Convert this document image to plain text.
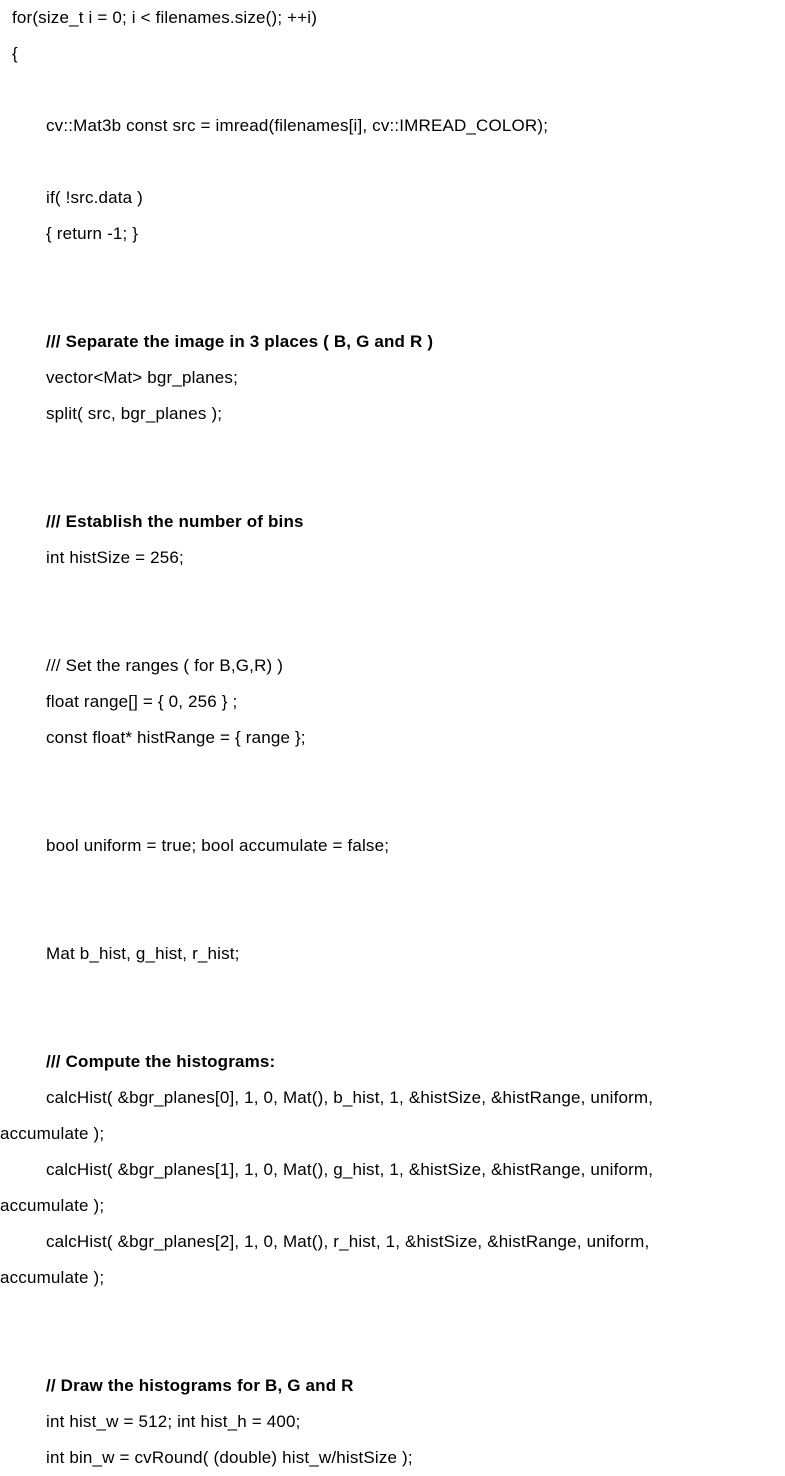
for(size_t i = 0; i < filenames.size(); ++i)
{

cv::Mat3b const src = imread(filenames[i], cv::IMREAD_COLOR);

if( !src.data )
{ return -1; }

/// Separate the image in 3 places ( B, G and R )
vector<Mat> bgr_planes;
split( src, bgr_planes );

/// Establish the number of bins
int histSize = 256;

/// Set the ranges ( for B,G,R) )
float range[] = { 0, 256 } ;
const float* histRange = { range };

bool uniform = true; bool accumulate = false;

Mat b_hist, g_hist, r_hist;

/// Compute the histograms:
calcHist( &bgr_planes[0], 1, 0, Mat(), b_hist, 1, &histSize, &histRange, uniform,
accumulate );
calcHist( &bgr_planes[1], 1, 0, Mat(), g_hist, 1, &histSize, &histRange, uniform,
accumulate );
calcHist( &bgr_planes[2], 1, 0, Mat(), r_hist, 1, &histSize, &histRange, uniform,
accumulate );

// Draw the histograms for B, G and R
int hist_w = 512; int hist_h = 400;
int bin_w = cvRound( (double) hist_w/histSize );
